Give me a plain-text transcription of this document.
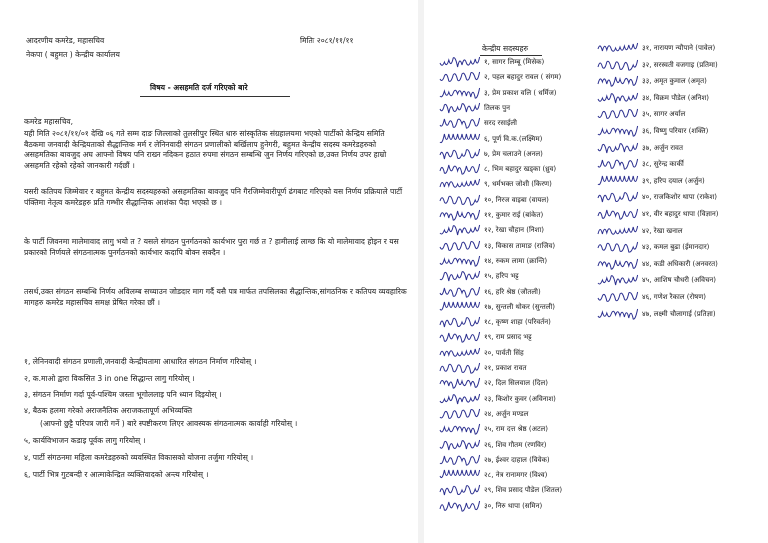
आदरणीय कमरेड, महासचिव	मितिः २०८१/११/११
नेकपा ( बहुमत ) केन्द्रीय कार्यालय
विषय - असहमति दर्ज गरिएको बारे
कमरेड महासचिव,
यही मिति २०८१/११/०१ देखि ०६ गते सम्म दाङ जिल्लाको तुलसीपुर स्थित धारु सांस्कृतिक संग्रहालयमा भएको पार्टीको केन्द्रिय समिति बैठकमा जनवादी केन्द्रियताको सैद्धान्तिक मर्म र लेनिनवादी संगठन प्रणालीको बर्खिलाप हुनेगरी, बहुमत केन्द्रीय सदस्य कमरेडहरुको असहमतिका बावजुद अघ आफ्नो विषय पनि राख्न नदिकन हठात रुपमा संगठन सम्बन्धि जुन निर्णय गरिएको छ,उक्त निर्णय उपर हाम्रो असहमति रहेको रहेको जानकारी गर्दछौं ।
यसरी कतिपय जिम्मेवार र बहुमत केन्द्रीय सदस्यहरुको असहमतिका बावजुद पनि गैरजिम्मेवारीपूर्ण ढंगबाट गरिएको यस निर्णय प्रक्रियाले पार्टी पंक्तिमा नेतृत्व कमरेडहरु प्रति गम्भीर सैद्धान्तिक आशंका पैदा भएको छ ।
के पार्टी जिवनमा मालेमावाद लागु भयो त ? यसले संगठन पुनर्गठनको कार्यभार पुरा गर्छ त ? हामीलाई लाग्छ कि यो मालेमावाद होइन र यस प्रकारको निर्णयले संगठनात्मक पुनर्गठनको कार्यभार कदापि बोक्न सक्दैन ।
तसर्थ,उक्त संगठन सम्बन्धि निर्णय अविलम्ब सच्याउन जोडदार माग गर्दै यसै पत्र मार्फत तपसिलका सैद्धान्तिक,सांगठनिक र कतिपय व्यवहारिक मागहरु कमरेड महासचिव समक्ष प्रेषित गरेका छौं ।
१, लेनिनवादी संगठन प्रणाली,जनवादी केन्द्रीयतामा आधारित संगठन निर्माण गरियोस् ।
२, क.माओ द्वारा विकसित 3 in one सिद्धान्त लागु गरियोस् ।
३, संगठन निर्माण गर्दा पूर्व-पश्चिम जस्ता भूगोललाइ पनि ध्यान दिइयोस् ।
४, बैठक हलमा गरेको अराजनैतिक अराजकतापूर्ण अभिव्यक्ति
(आफ्नो छुट्टै परिपत्र जारी गर्ने ) बारे स्पष्टीकरण लिएर आवस्यक संगठनात्मक कार्वाही गरियोस् ।
५, कार्यविभाजन कडाइ पूर्वक लागु गरियोस् ।
४, पार्टी संगठनमा महिला कमरेडहरुको व्यवस्थित विकासको योजना तर्जुमा गरियोस् ।
६, पार्टी भित्र गुटबन्दी र आत्माकेन्द्रित व्यक्तिवादको अन्त्य गरियोस् ।
केन्द्रीय सदस्यहरु
१, सागर लिम्बू (मिसेक)
२, पहल बहादुर रावल ( संगम)
३, प्रेम प्रकाश वलि ( धर्मिज)
तिलक पुन
सरद रसाईली
६, पूर्ण वि.क.(लक्ष्मिम)
७, प्रेम चलाउने (अनल)
८, भिम बहादुर खड्का (ध्रुव)
९, धर्मभक्त जोशी (किरण)
१०, निरज वाइबा (वायल)
११, कुमार राई (बांकेत)
१२, रेखा चौहान (निशा)
१३, विकास तामाङ (राजिव)
१४, रुकम लामा (क्रान्ति)
१५, हरिप भट्ट
१६, हरि श्रेष्ठ (जौतली)
१७, सुन्तली थोकर (सुन्तली)
१८, कृष्ण शाहा (परिवर्तन)
१९, राम प्रसाद भट्ट
२०, पार्वती सिंह
२१, प्रकाश रावत
२२, दिल सिलवाल (दिल)
२३, किशोर कुवर (अविनाश)
२४, अर्जुन मण्डल
२५, राम दत्त श्रेष्ठ (अटल)
२६, शिव गौतम (रणविर)
२७, ईश्वर दाहाल (विवेक)
२८, नेत्र रानामगर (विश्व)
२९, शिव प्रसाद पौडेल (शितल)
३०, निरु थापा (समिन)
३१, नारायण न्यौपाने (पावेल)
३२, सरस्वती वजगाइ (प्रतिमा)
३३, अमृत कुमाल (अमृत)
३४, विक्रम पौडेल (अनिश)
३५, सागर अर्याल
३६, विष्णु परियार (शक्ति)
३७, अर्जुन रावत
३८, सुरेन्द्र कार्की
३९, हरिप दयाल (अर्जुन)
४०, राजकिशोर थापा (राकेश)
४१, वीर बहादुर थापा (विज्ञान)
४२, रेखा खनाल
४३, कमल बुढा (ईमानदार)
४४, कडी अधिकारी (अनवरत)
४५, आशिष चौधरी (अविचन)
४६, गणेश रैकाल (रोषण)
४७, लक्ष्मी चौलागाई (प्रतिज्ञा)
